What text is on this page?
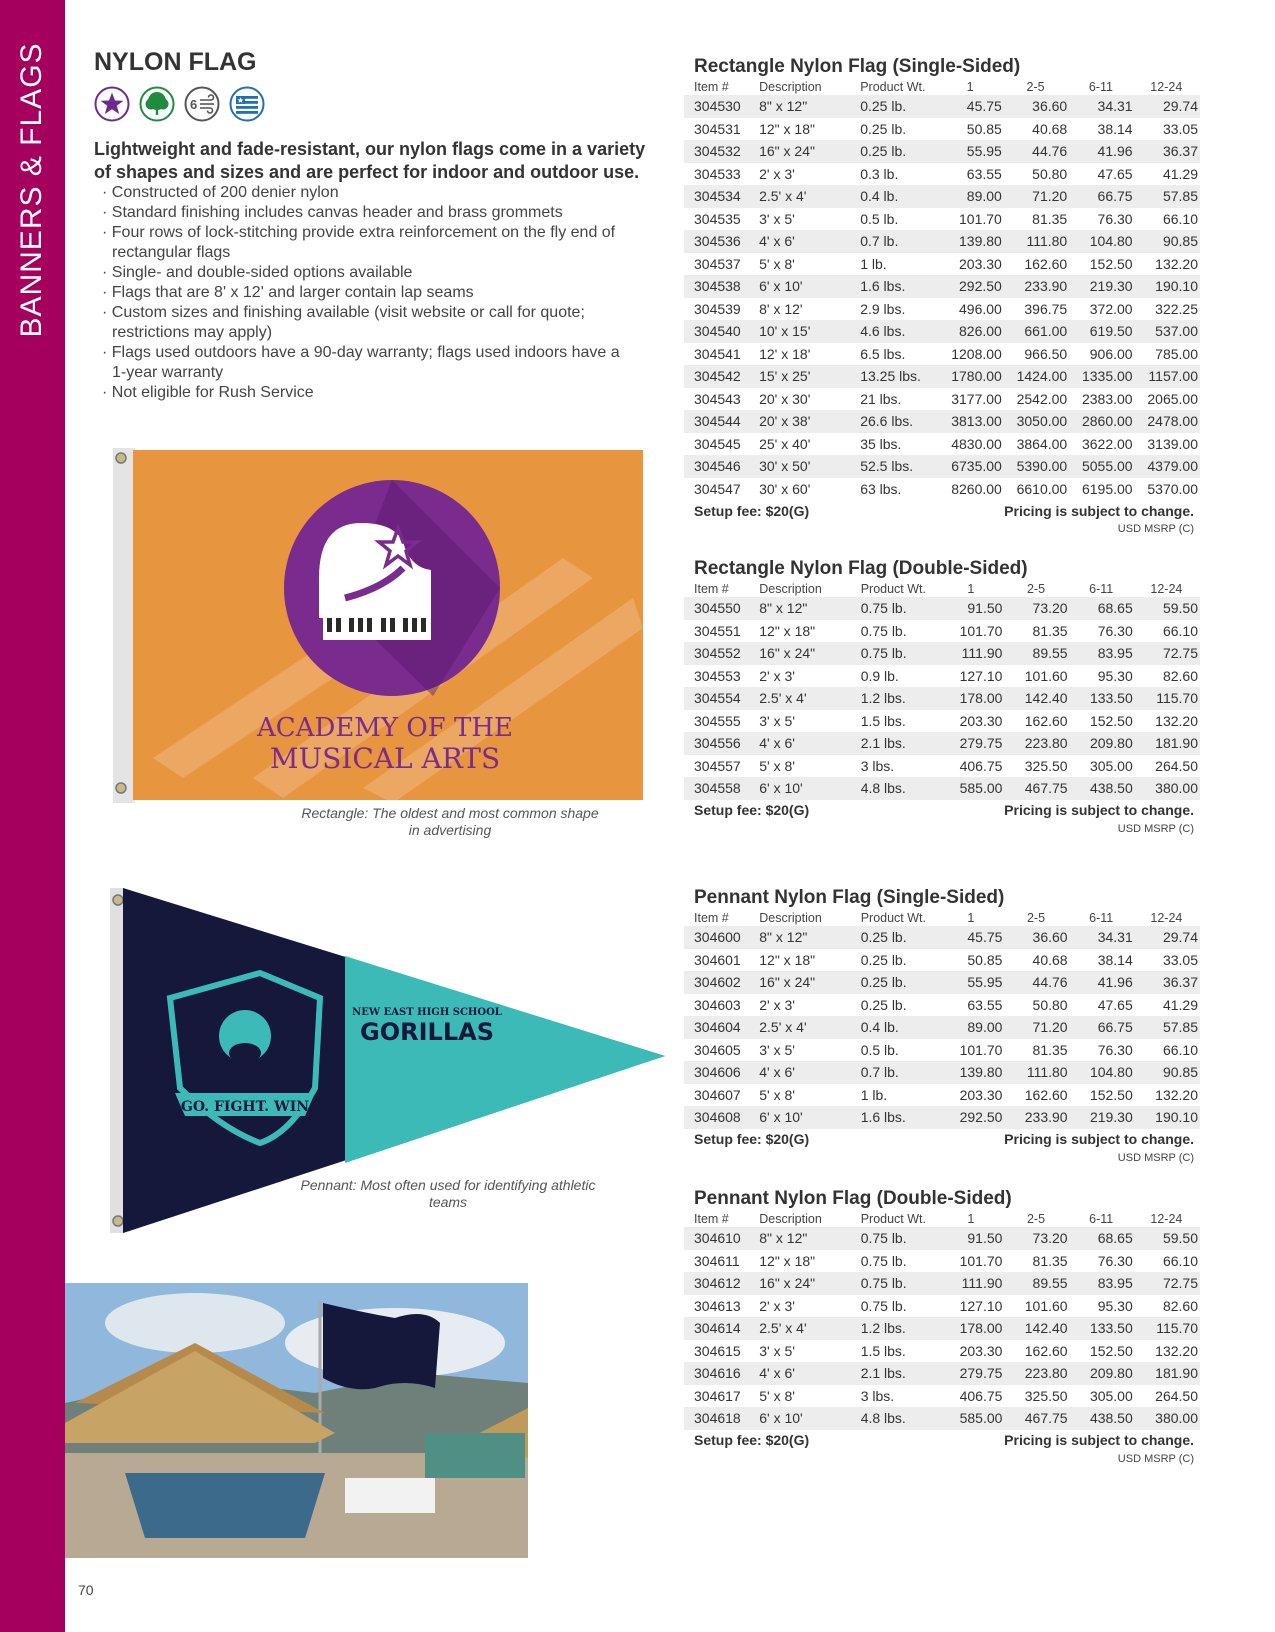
BANNERS & FLAGS
70
NYLON FLAG
6
Lightweight and fade-resistant, our nylon flags come in a variety of shapes and sizes and are perfect for indoor and outdoor use.
· Constructed of 200 denier nylon
· Standard finishing includes canvas header and brass grommets
· Four rows of lock-stitching provide extra reinforcement on the fly end of rectangular flags
· Single- and double-sided options available
· Flags that are 8' x 12' and larger contain lap seams
· Custom sizes and finishing available (visit website or call for quote; restrictions may apply)
· Flags used outdoors have a 90-day warranty; flags used indoors have a 1-year warranty
· Not eligible for Rush Service
ACADEMY OF THE
MUSICAL ARTS
Rectangle: The oldest and most common shape in advertising
GO. FIGHT. WIN.
NEW EAST HIGH SCHOOL
GORILLAS
Pennant: Most often used for identifying athletic teams
Rectangle Nylon Flag (Single-Sided)
Item #	Description	Product Wt.	1	2-5	6-11	12-24
304530	8" x 12"	0.25 lb.	45.75	36.60	34.31	29.74
304531	12" x 18"	0.25 lb.	50.85	40.68	38.14	33.05
304532	16" x 24"	0.25 lb.	55.95	44.76	41.96	36.37
304533	2' x 3'	0.3 lb.	63.55	50.80	47.65	41.29
304534	2.5' x 4'	0.4 lb.	89.00	71.20	66.75	57.85
304535	3' x 5'	0.5 lb.	101.70	81.35	76.30	66.10
304536	4' x 6'	0.7 lb.	139.80	111.80	104.80	90.85
304537	5' x 8'	1 lb.	203.30	162.60	152.50	132.20
304538	6' x 10'	1.6 lbs.	292.50	233.90	219.30	190.10
304539	8' x 12'	2.9 lbs.	496.00	396.75	372.00	322.25
304540	10' x 15'	4.6 lbs.	826.00	661.00	619.50	537.00
304541	12' x 18'	6.5 lbs.	1208.00	966.50	906.00	785.00
304542	15' x 25'	13.25 lbs.	1780.00	1424.00	1335.00	1157.00
304543	20' x 30'	21 lbs.	3177.00	2542.00	2383.00	2065.00
304544	20' x 38'	26.6 lbs.	3813.00	3050.00	2860.00	2478.00
304545	25' x 40'	35 lbs.	4830.00	3864.00	3622.00	3139.00
304546	30' x 50'	52.5 lbs.	6735.00	5390.00	5055.00	4379.00
304547	30' x 60'	63 lbs.	8260.00	6610.00	6195.00	5370.00
Setup fee: $20(G)			Pricing is subject to change.			
USD MSRP (C)
Rectangle Nylon Flag (Double-Sided)
Item #	Description	Product Wt.	1	2-5	6-11	12-24
304550	8" x 12"	0.75 lb.	91.50	73.20	68.65	59.50
304551	12" x 18"	0.75 lb.	101.70	81.35	76.30	66.10
304552	16" x 24"	0.75 lb.	111.90	89.55	83.95	72.75
304553	2' x 3'	0.9 lb.	127.10	101.60	95.30	82.60
304554	2.5' x 4'	1.2 lbs.	178.00	142.40	133.50	115.70
304555	3' x 5'	1.5 lbs.	203.30	162.60	152.50	132.20
304556	4' x 6'	2.1 lbs.	279.75	223.80	209.80	181.90
304557	5' x 8'	3 lbs.	406.75	325.50	305.00	264.50
304558	6' x 10'	4.8 lbs.	585.00	467.75	438.50	380.00
Setup fee: $20(G)			Pricing is subject to change.			
USD MSRP (C)
Pennant Nylon Flag (Single-Sided)
Item #	Description	Product Wt.	1	2-5	6-11	12-24
304600	8" x 12"	0.25 lb.	45.75	36.60	34.31	29.74
304601	12" x 18"	0.25 lb.	50.85	40.68	38.14	33.05
304602	16" x 24"	0.25 lb.	55.95	44.76	41.96	36.37
304603	2' x 3'	0.25 lb.	63.55	50.80	47.65	41.29
304604	2.5' x 4'	0.4 lb.	89.00	71.20	66.75	57.85
304605	3' x 5'	0.5 lb.	101.70	81.35	76.30	66.10
304606	4' x 6'	0.7 lb.	139.80	111.80	104.80	90.85
304607	5' x 8'	1 lb.	203.30	162.60	152.50	132.20
304608	6' x 10'	1.6 lbs.	292.50	233.90	219.30	190.10
Setup fee: $20(G)			Pricing is subject to change.			
USD MSRP (C)
Pennant Nylon Flag (Double-Sided)
Item #	Description	Product Wt.	1	2-5	6-11	12-24
304610	8" x 12"	0.75 lb.	91.50	73.20	68.65	59.50
304611	12" x 18"	0.75 lb.	101.70	81.35	76.30	66.10
304612	16" x 24"	0.75 lb.	111.90	89.55	83.95	72.75
304613	2' x 3'	0.75 lb.	127.10	101.60	95.30	82.60
304614	2.5' x 4'	1.2 lbs.	178.00	142.40	133.50	115.70
304615	3' x 5'	1.5 lbs.	203.30	162.60	152.50	132.20
304616	4' x 6'	2.1 lbs.	279.75	223.80	209.80	181.90
304617	5' x 8'	3 lbs.	406.75	325.50	305.00	264.50
304618	6' x 10'	4.8 lbs.	585.00	467.75	438.50	380.00
Setup fee: $20(G)			Pricing is subject to change.			
USD MSRP (C)
